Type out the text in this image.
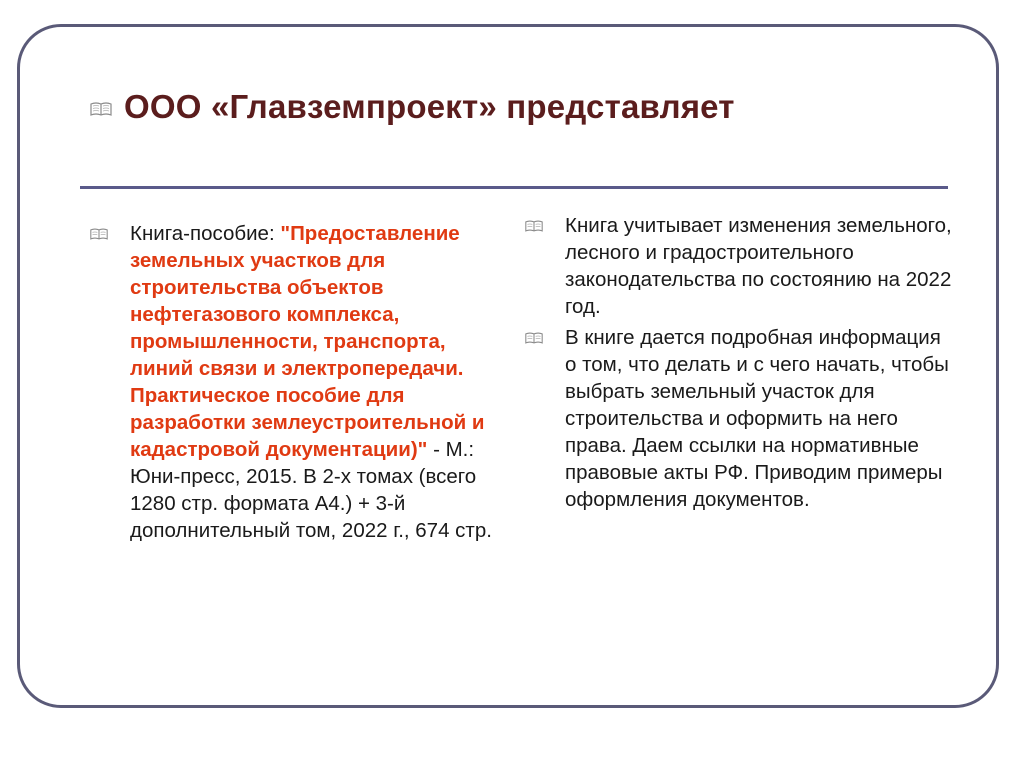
ООО «Главземпроект» представляет
Книга-пособие: "Предоставление земельных участков для строительства объектов нефтегазового комплекса, промышленности, транспорта, линий связи и электропередачи. Практическое пособие для разработки землеустроительной и кадастровой документации)" - М.: Юни-пресс, 2015. В 2-х томах (всего 1280 стр. формата А4.) + 3-й дополнительный том, 2022 г., 674 стр.
Книга учитывает изменения земельного, лесного и градостроительного законодательства по состоянию на 2022 год.
В книге дается подробная информация о том, что делать и с чего начать, чтобы выбрать земельный участок для строительства и оформить на него права. Даем ссылки на нормативные правовые акты РФ. Приводим примеры оформления документов.
